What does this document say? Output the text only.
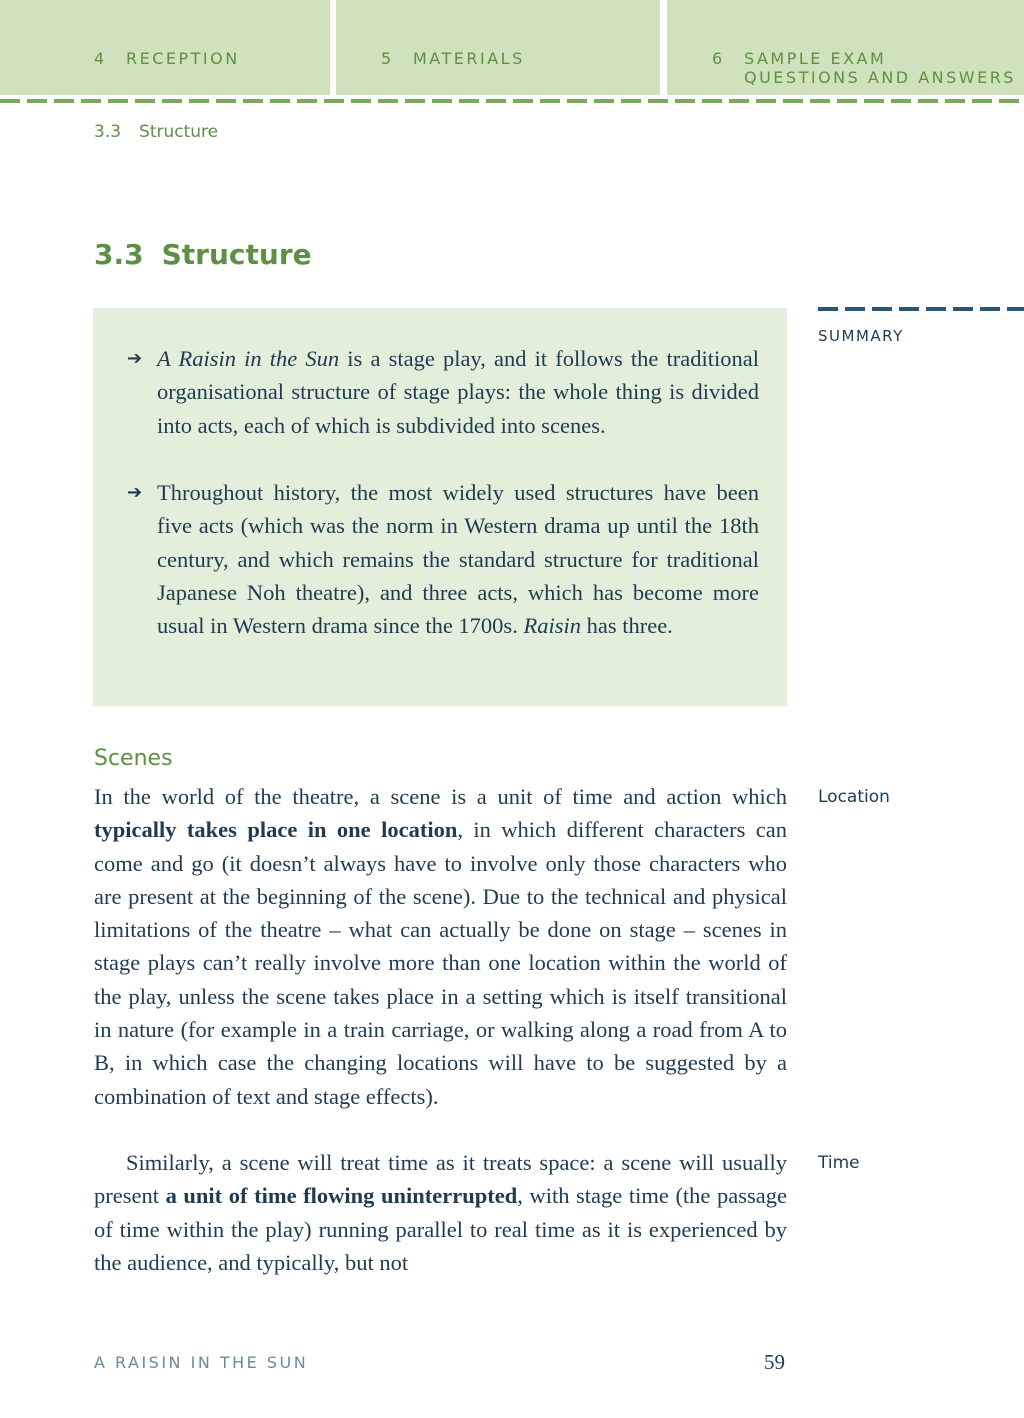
4 RECEPTION	5 MATERIALS	6 SAMPLE EXAM
QUESTIONS AND ANSWERS
3.3 Structure
3.3 Structure

➔ A Raisin in the Sun is a stage play, and it follows the traditional organisational structure of stage plays: the whole thing is divided into acts, each of which is subdivided into scenes.

➔ Throughout history, the most widely used structures have been five acts (which was the norm in Western drama up until the 18th century, and which remains the standard structure for traditional Japanese Noh theatre), and three acts, which has become more usual in Western drama since the 1700s. Raisin has three.

SUMMARY
Location
Time
Scenes

In the world of the theatre, a scene is a unit of time and action which typically takes place in one location, in which different characters can come and go (it doesn’t always have to involve only those characters who are present at the beginning of the scene). Due to the technical and physical limitations of the theatre – what can actually be done on stage – scenes in stage plays can’t really involve more than one location within the world of the play, unless the scene takes place in a setting which is itself transitional in nature (for example in a train carriage, or walking along a road from A to B, in which case the changing locations will have to be suggested by a combination of text and stage effects).

Similarly, a scene will treat time as it treats space: a scene will usually present a unit of time flowing uninterrupted, with stage time (the passage of time within the play) running parallel to real time as it is experienced by the audience, and typically, but not

A RAISIN IN THE SUN	59
